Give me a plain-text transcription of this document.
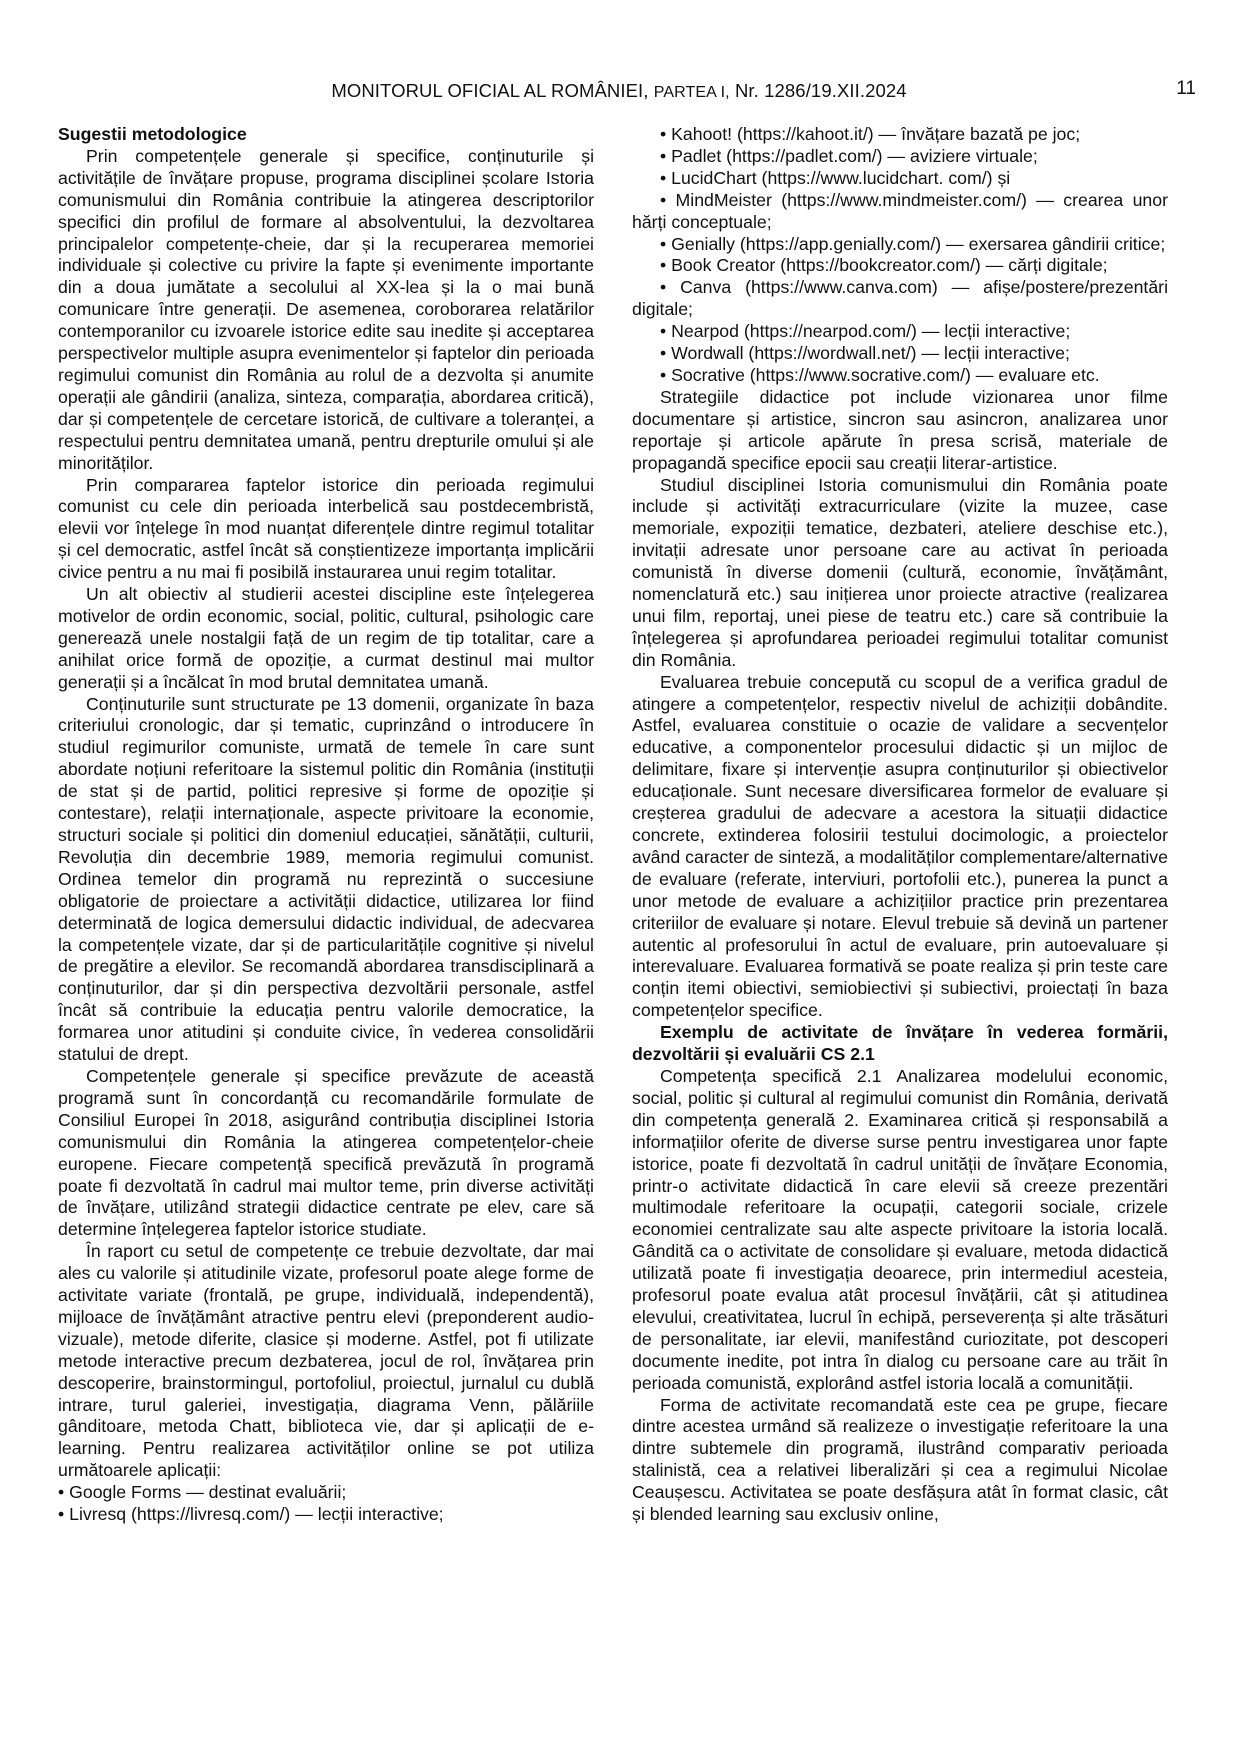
MONITORUL OFICIAL AL ROMÂNIEI, PARTEA I, Nr. 1286/19.XII.2024	11

Sugestii metodologice

Prin competențele generale și specifice, conținuturile și activitățile de învățare propuse, programa disciplinei școlare Istoria comunismului din România contribuie la atingerea descriptorilor specifici din profilul de formare al absolventului, la dezvoltarea principalelor competențe-cheie, dar și la recuperarea memoriei individuale și colective cu privire la fapte și evenimente importante din a doua jumătate a secolului al XX-lea și la o mai bună comunicare între generații. De asemenea, coroborarea relatărilor contemporanilor cu izvoarele istorice edite sau inedite și acceptarea perspectivelor multiple asupra evenimentelor și faptelor din perioada regimului comunist din România au rolul de a dezvolta și anumite operații ale gândirii (analiza, sinteza, comparația, abordarea critică), dar și competențele de cercetare istorică, de cultivare a toleranței, a respectului pentru demnitatea umană, pentru drepturile omului și ale minorităților.

Prin compararea faptelor istorice din perioada regimului comunist cu cele din perioada interbelică sau postdecembristă, elevii vor înțelege în mod nuanțat diferențele dintre regimul totalitar și cel democratic, astfel încât să conștientizeze importanța implicării civice pentru a nu mai fi posibilă instaurarea unui regim totalitar.

Un alt obiectiv al studierii acestei discipline este înțelegerea motivelor de ordin economic, social, politic, cultural, psihologic care generează unele nostalgii față de un regim de tip totalitar, care a anihilat orice formă de opoziție, a curmat destinul mai multor generații și a încălcat în mod brutal demnitatea umană.

Conținuturile sunt structurate pe 13 domenii, organizate în baza criteriului cronologic, dar și tematic, cuprinzând o introducere în studiul regimurilor comuniste, urmată de temele în care sunt abordate noțiuni referitoare la sistemul politic din România (instituții de stat și de partid, politici represive și forme de opoziție și contestare), relații internaționale, aspecte privitoare la economie, structuri sociale și politici din domeniul educației, sănătății, culturii, Revoluția din decembrie 1989, memoria regimului comunist. Ordinea temelor din programă nu reprezintă o succesiune obligatorie de proiectare a activității didactice, utilizarea lor fiind determinată de logica demersului didactic individual, de adecvarea la competențele vizate, dar și de particularitățile cognitive și nivelul de pregătire a elevilor. Se recomandă abordarea transdisciplinară a conținuturilor, dar și din perspectiva dezvoltării personale, astfel încât să contribuie la educația pentru valorile democratice, la formarea unor atitudini și conduite civice, în vederea consolidării statului de drept.

Competențele generale și specifice prevăzute de această programă sunt în concordanță cu recomandările formulate de Consiliul Europei în 2018, asigurând contribuția disciplinei Istoria comunismului din România la atingerea competențelor-cheie europene. Fiecare competență specifică prevăzută în programă poate fi dezvoltată în cadrul mai multor teme, prin diverse activități de învățare, utilizând strategii didactice centrate pe elev, care să determine înțelegerea faptelor istorice studiate.

În raport cu setul de competențe ce trebuie dezvoltate, dar mai ales cu valorile și atitudinile vizate, profesorul poate alege forme de activitate variate (frontală, pe grupe, individuală, independentă), mijloace de învățământ atractive pentru elevi (preponderent audio-vizuale), metode diferite, clasice și moderne. Astfel, pot fi utilizate metode interactive precum dezbaterea, jocul de rol, învățarea prin descoperire, brainstormingul, portofoliul, proiectul, jurnalul cu dublă intrare, turul galeriei, investigația, diagrama Venn, pălăriile gânditoare, metoda Chatt, biblioteca vie, dar și aplicații de e-learning. Pentru realizarea activităților online se pot utiliza următoarele aplicații:

• Google Forms — destinat evaluării;

• Livresq (https://livresq.com/) — lecții interactive;

• Kahoot! (https://kahoot.it/) — învățare bazată pe joc;

• Padlet (https://padlet.com/) — aviziere virtuale;

• LucidChart (https://www.lucidchart. com/) și

• MindMeister (https://www.mindmeister.com/) — crearea unor hărți conceptuale;

• Genially (https://app.genially.com/) — exersarea gândirii critice;

• Book Creator (https://bookcreator.com/) — cărți digitale;

• Canva (https://www.canva.com) — afișe/postere/prezentări digitale;

• Nearpod (https://nearpod.com/) — lecții interactive;

• Wordwall (https://wordwall.net/) — lecții interactive;

• Socrative (https://www.socrative.com/) — evaluare etc.

Strategiile didactice pot include vizionarea unor filme documentare și artistice, sincron sau asincron, analizarea unor reportaje și articole apărute în presa scrisă, materiale de propagandă specifice epocii sau creații literar-artistice.

Studiul disciplinei Istoria comunismului din România poate include și activități extracurriculare (vizite la muzee, case memoriale, expoziții tematice, dezbateri, ateliere deschise etc.), invitații adresate unor persoane care au activat în perioada comunistă în diverse domenii (cultură, economie, învățământ, nomenclatură etc.) sau inițierea unor proiecte atractive (realizarea unui film, reportaj, unei piese de teatru etc.) care să contribuie la înțelegerea și aprofundarea perioadei regimului totalitar comunist din România.

Evaluarea trebuie concepută cu scopul de a verifica gradul de atingere a competențelor, respectiv nivelul de achiziții dobândite. Astfel, evaluarea constituie o ocazie de validare a secvențelor educative, a componentelor procesului didactic și un mijloc de delimitare, fixare și intervenție asupra conținuturilor și obiectivelor educaționale. Sunt necesare diversificarea formelor de evaluare și creșterea gradului de adecvare a acestora la situații didactice concrete, extinderea folosirii testului docimologic, a proiectelor având caracter de sinteză, a modalităților complementare/alternative de evaluare (referate, interviuri, portofolii etc.), punerea la punct a unor metode de evaluare a achizițiilor practice prin prezentarea criteriilor de evaluare și notare. Elevul trebuie să devină un partener autentic al profesorului în actul de evaluare, prin autoevaluare și interevaluare. Evaluarea formativă se poate realiza și prin teste care conțin itemi obiectivi, semiobiectivi și subiectivi, proiectați în baza competențelor specifice.

Exemplu de activitate de învățare în vederea formării, dezvoltării și evaluării CS 2.1

Competența specifică 2.1 Analizarea modelului economic, social, politic și cultural al regimului comunist din România, derivată din competența generală 2. Examinarea critică și responsabilă a informațiilor oferite de diverse surse pentru investigarea unor fapte istorice, poate fi dezvoltată în cadrul unității de învățare Economia, printr-o activitate didactică în care elevii să creeze prezentări multimodale referitoare la ocupații, categorii sociale, crizele economiei centralizate sau alte aspecte privitoare la istoria locală. Gândită ca o activitate de consolidare și evaluare, metoda didactică utilizată poate fi investigația deoarece, prin intermediul acesteia, profesorul poate evalua atât procesul învățării, cât și atitudinea elevului, creativitatea, lucrul în echipă, perseverența și alte trăsături de personalitate, iar elevii, manifestând curiozitate, pot descoperi documente inedite, pot intra în dialog cu persoane care au trăit în perioada comunistă, explorând astfel istoria locală a comunității.

Forma de activitate recomandată este cea pe grupe, fiecare dintre acestea urmând să realizeze o investigație referitoare la una dintre subtemele din programă, ilustrând comparativ perioada stalinistă, cea a relativei liberalizări și cea a regimului Nicolae Ceaușescu. Activitatea se poate desfășura atât în format clasic, cât și blended learning sau exclusiv online,
